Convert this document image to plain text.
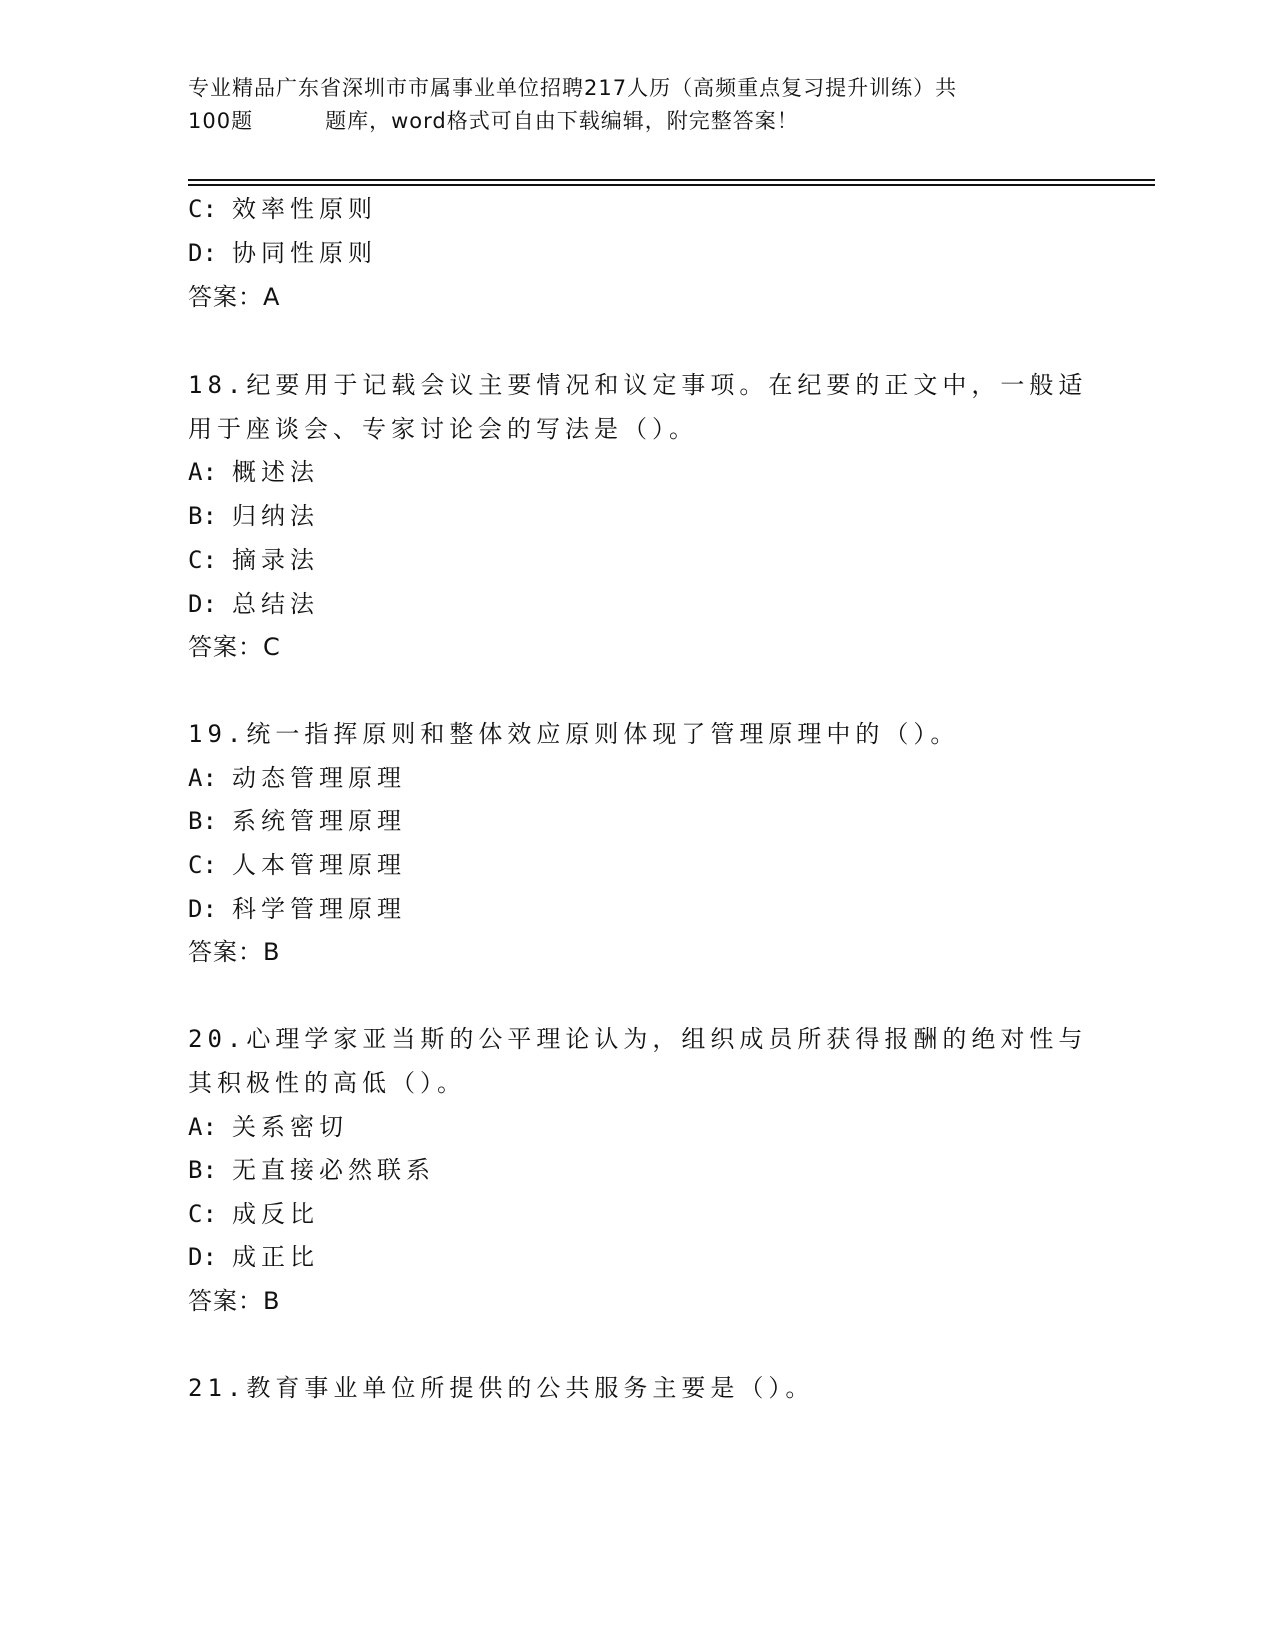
专业精品广东省深圳市市属事业单位招聘217人历（高频重点复习提升训练）共
100题	题库，word格式可自由下载编辑，附完整答案！
C: 效率性原则
D: 协同性原则
答案：A
18.纪要用于记载会议主要情况和议定事项。在纪要的正文中，一般适
用于座谈会、专家讨论会的写法是（）。
A: 概述法
B: 归纳法
C: 摘录法
D: 总结法
答案：C
19.统一指挥原则和整体效应原则体现了管理原理中的（）。
A: 动态管理原理
B: 系统管理原理
C: 人本管理原理
D: 科学管理原理
答案：B
20.心理学家亚当斯的公平理论认为，组织成员所获得报酬的绝对性与
其积极性的高低（）。
A: 关系密切
B: 无直接必然联系
C: 成反比
D: 成正比
答案：B
21.教育事业单位所提供的公共服务主要是（）。
